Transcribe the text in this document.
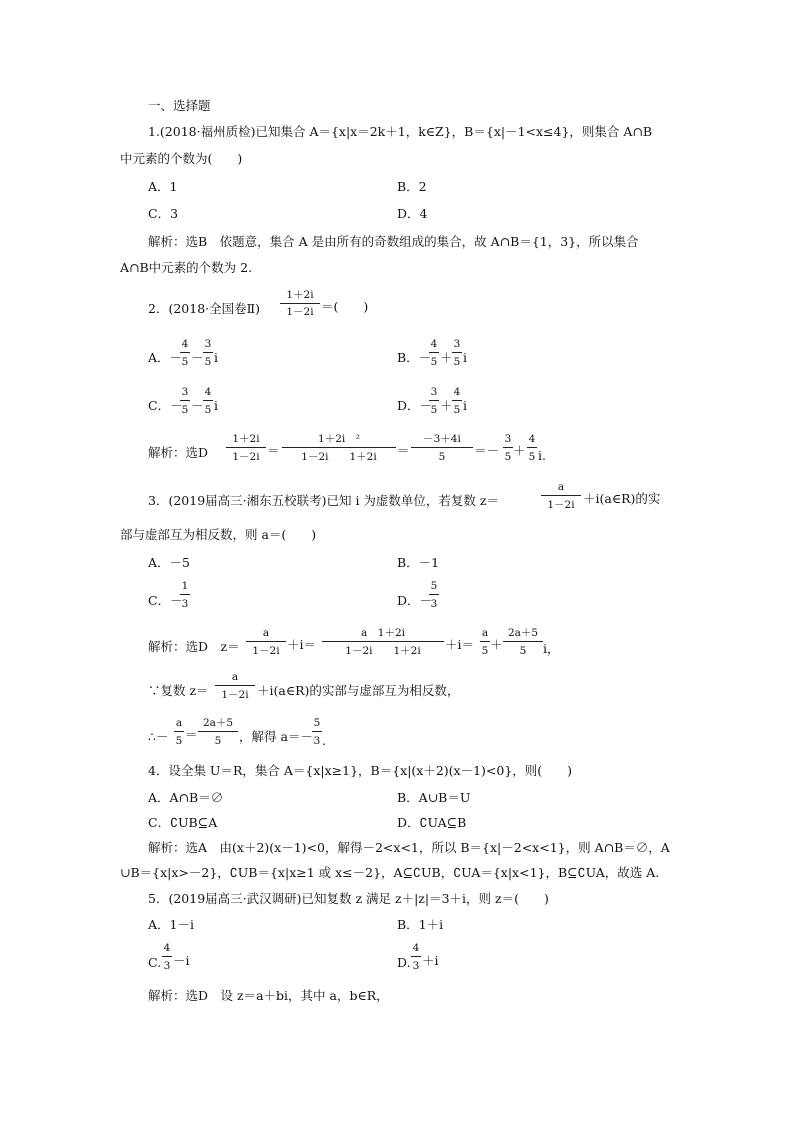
一、选择题
1.(2018·福州质检)已知集合 A＝{x|x＝2k＋1，k∈Z}，B＝{x|－1<x≤4}，则集合 A∩B
中元素的个数为(　　)
A．1	B．2
C．3	D．4
解析：选B　依题意，集合 A 是由所有的奇数组成的集合，故 A∩B＝{1，3}，所以集合
A∩B中元素的个数为 2.
2．(2018·全国卷Ⅱ)
1＋2i
1－2i ＝(　　)
A．－
4
5 －
3
5 i	B．－
4
5 ＋
3
5 i
C．－
3
5 －
4
5 i	D．－
3
5 ＋
4
5 i
解析：选D
1＋2i
1－2i ＝
1＋2i　²
1－2i　　1＋2i	＝
－3＋4i
5	＝－
3
5 ＋
4
5 i.
3．(2019届高三·湘东五校联考)已知 i 为虚数单位，若复数 z＝
a
1－2i ＋i(a∈R)的实
部与虚部互为相反数，则 a＝(　　)
A．－5	B．－1
C．－
1
3	D．－
5
3
解析：选D　z＝
a
1－2i ＋i＝
a　1＋2i
1－2i　　1＋2i	＋i＝
a
5 ＋
2a＋5
5	i，
∵复数 z＝
a
1－2i ＋i(a∈R)的实部与虚部互为相反数，
∴－
a
5 ＝
2a＋5
5	，解得 a＝－
5
3 .
4．设全集 U＝R，集合 A＝{x|x≥1}，B＝{x|(x＋2)(x－1)<0}，则(　　)
A．A∩B＝∅	B．A∪B＝U
C．∁UB⊆A	D．∁UA⊆B
解析：选A　由(x＋2)(x－1)<0，解得－2<x<1，所以 B＝{x|－2<x<1}，则 A∩B＝∅，A
∪B＝{x|x>－2}，∁UB＝{x|x≥1 或 x≤－2}，A⊆∁UB，∁UA＝{x|x<1}，B⊆∁UA，故选 A.
5．(2019届高三·武汉调研)已知复数 z 满足 z＋|z|＝3＋i，则 z＝(　　)
A．1－i	B．1＋i
C.
4
3 －i	D.
4
3 ＋i
解析：选D　设 z＝a＋bi，其中 a，b∈R，
